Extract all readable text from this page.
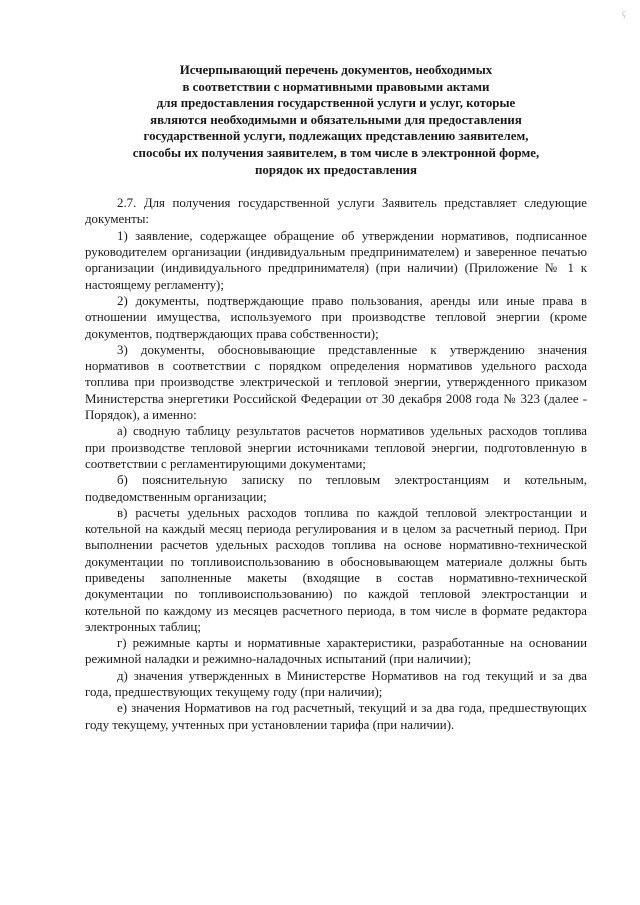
ç
Исчерпывающий перечень документов, необходимых
в соответствии с нормативными правовыми актами
для предоставления государственной услуги и услуг, которые
являются необходимыми и обязательными для предоставления
государственной услуги, подлежащих представлению заявителем,
способы их получения заявителем, в том числе в электронной форме,
порядок их предоставления

2.7. Для получения государственной услуги Заявитель представляет следующие документы:

1) заявление, содержащее обращение об утверждении нормативов, подписанное руководителем организации (индивидуальным предпринимателем) и заверенное печатью организации (индивидуального предпринимателя) (при наличии) (Приложение № 1 к настоящему регламенту);

2) документы, подтверждающие право пользования, аренды или иные права в отношении имущества, используемого при производстве тепловой энергии (кроме документов, подтверждающих права собственности);

3) документы, обосновывающие представленные к утверждению значения нормативов в соответствии с порядком определения нормативов удельного расхода топлива при производстве электрической и тепловой энергии, утвержденного приказом Министерства энергетики Российской Федерации от 30 декабря 2008 года № 323 (далее - Порядок), а именно:

а) сводную таблицу результатов расчетов нормативов удельных расходов топлива при производстве тепловой энергии источниками тепловой энергии, подготовленную в соответствии с регламентирующими документами;

б) пояснительную записку по тепловым электростанциям и котельным, подведомственным организации;

в) расчеты удельных расходов топлива по каждой тепловой электростанции и котельной на каждый месяц периода регулирования и в целом за расчетный период. При выполнении расчетов удельных расходов топлива на основе нормативно-технической документации по топливоиспользованию в обосновывающем материале должны быть приведены заполненные макеты (входящие в состав нормативно-технической документации по топливоиспользованию) по каждой тепловой электростанции и котельной по каждому из месяцев расчетного периода, в том числе в формате редактора электронных таблиц;

г) режимные карты и нормативные характеристики, разработанные на основании режимной наладки и режимно-наладочных испытаний (при наличии);

д) значения утвержденных в Министерстве Нормативов на год текущий и за два года, предшествующих текущему году (при наличии);

е) значения Нормативов на год расчетный, текущий и за два года, предшествующих году текущему, учтенных при установлении тарифа (при наличии).
